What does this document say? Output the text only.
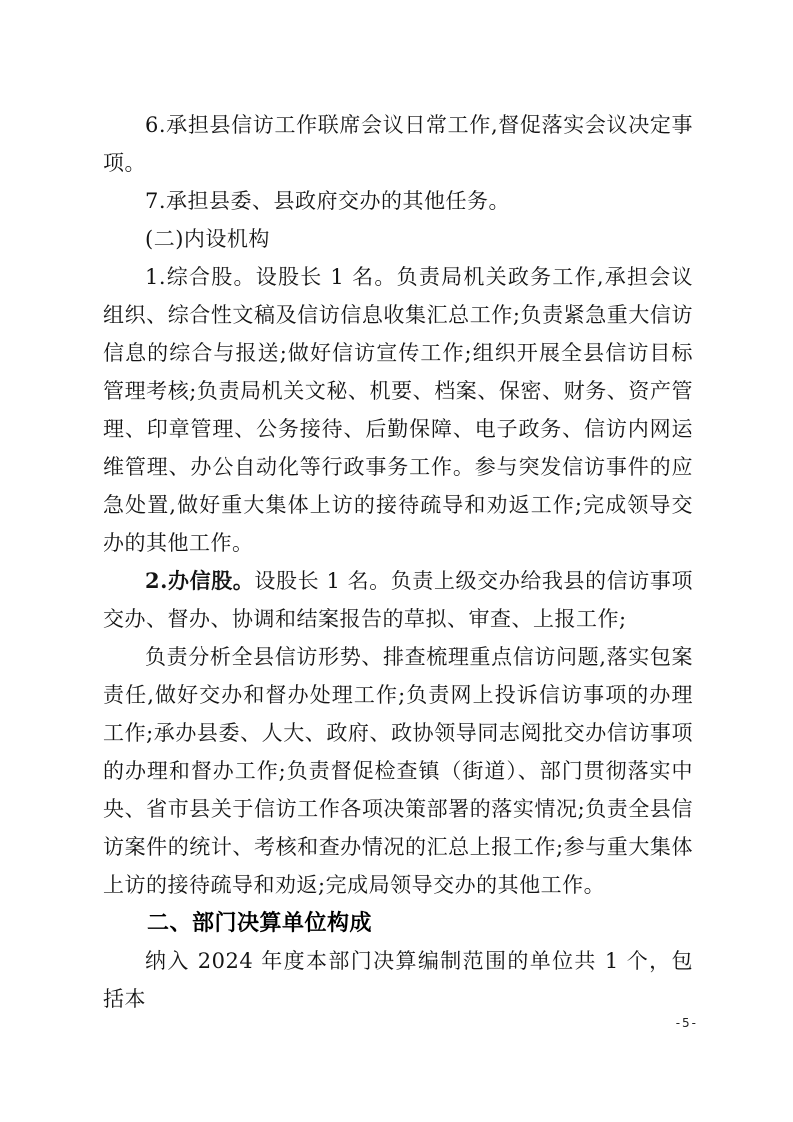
6.承担县信访工作联席会议日常工作,督促落实会议决定事项。

7.承担县委、县政府交办的其他任务。

(二)内设机构

1.综合股。设股长 1 名。负责局机关政务工作,承担会议组织、综合性文稿及信访信息收集汇总工作;负责紧急重大信访信息的综合与报送;做好信访宣传工作;组织开展全县信访目标管理考核;负责局机关文秘、机要、档案、保密、财务、资产管理、印章管理、公务接待、后勤保障、电子政务、信访内网运维管理、办公自动化等行政事务工作。参与突发信访事件的应急处置,做好重大集体上访的接待疏导和劝返工作;完成领导交办的其他工作。

2.办信股。设股长 1 名。负责上级交办给我县的信访事项交办、督办、协调和结案报告的草拟、审查、上报工作;

负责分析全县信访形势、排查梳理重点信访问题,落实包案责任,做好交办和督办处理工作;负责网上投诉信访事项的办理工作;承办县委、人大、政府、政协领导同志阅批交办信访事项的办理和督办工作;负责督促检查镇（街道）、部门贯彻落实中央、省市县关于信访工作各项决策部署的落实情况;负责全县信访案件的统计、考核和查办情况的汇总上报工作;参与重大集体上访的接待疏导和劝返;完成局领导交办的其他工作。

二、部门决算单位构成

纳入 2024 年度本部门决算编制范围的单位共 1 个，包括本

-5-
